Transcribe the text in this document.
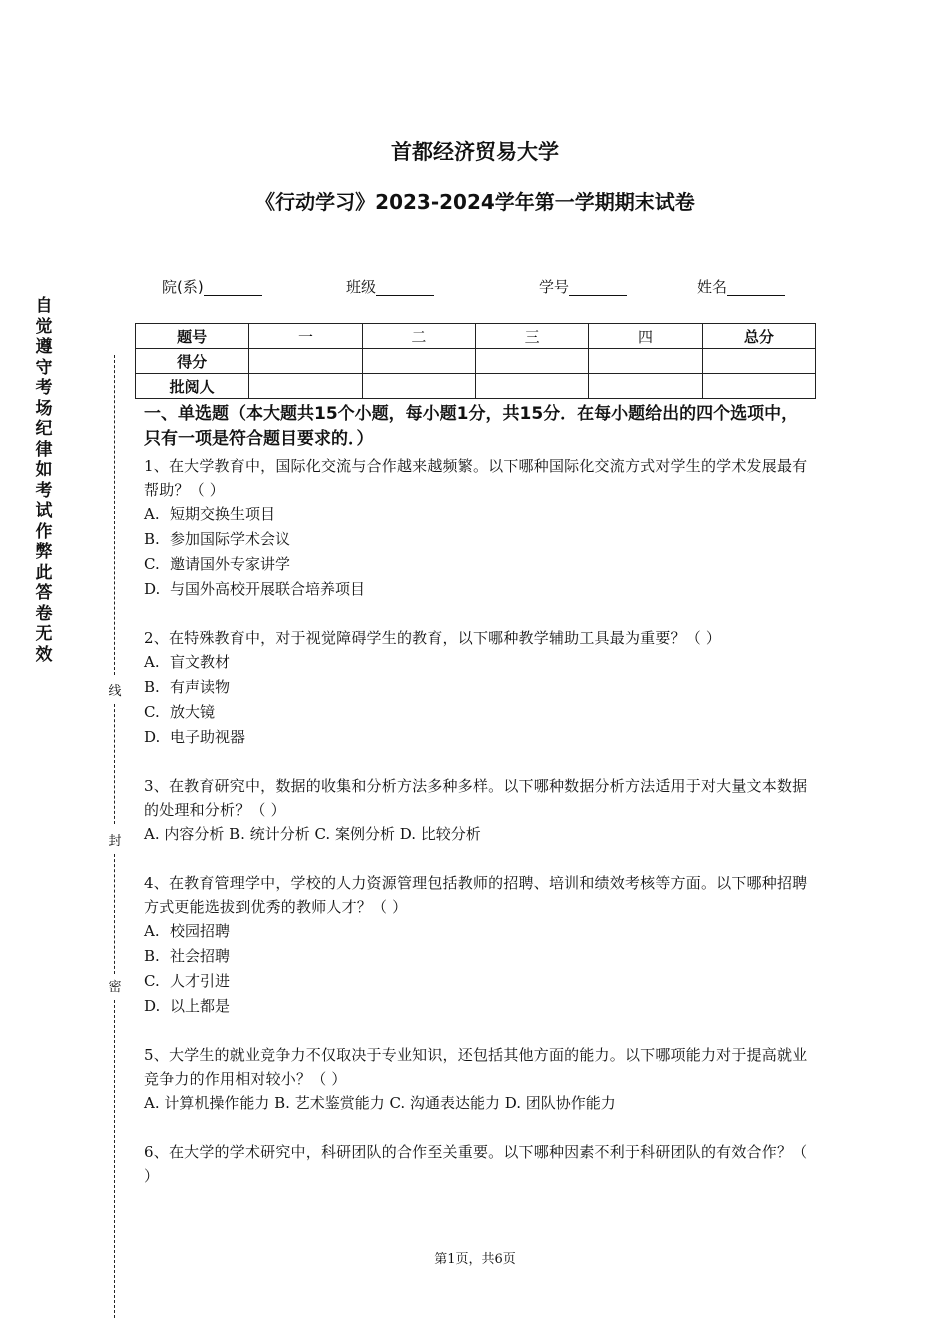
自
觉
遵
守
考
场
纪
律
如
考
试
作
弊
此
答
卷
无
效
线
封
密
首都经济贸易大学
《行动学习》2023-2024学年第一学期期末试卷
院(系)	班级	学号	姓名
题号	一	二	三	四	总分
得分					
批阅人					
一、单选题（本大题共15个小题，每小题1分，共15分．在每小题给出的四个选项中，只有一项是符合题目要求的．）
1、在大学教育中，国际化交流与合作越来越频繁。以下哪种国际化交流方式对学生的学术发展最有帮助？（ ）
A. 短期交换生项目
B. 参加国际学术会议
C. 邀请国外专家讲学
D. 与国外高校开展联合培养项目
2、在特殊教育中，对于视觉障碍学生的教育，以下哪种教学辅助工具最为重要？（ ）
A. 盲文教材
B. 有声读物
C. 放大镜
D. 电子助视器
3、在教育研究中，数据的收集和分析方法多种多样。以下哪种数据分析方法适用于对大量文本数据的处理和分析？（ ）
A. 内容分析 B. 统计分析 C. 案例分析 D. 比较分析
4、在教育管理学中，学校的人力资源管理包括教师的招聘、培训和绩效考核等方面。以下哪种招聘方式更能选拔到优秀的教师人才？（ ）
A. 校园招聘
B. 社会招聘
C. 人才引进
D. 以上都是
5、大学生的就业竞争力不仅取决于专业知识，还包括其他方面的能力。以下哪项能力对于提高就业竞争力的作用相对较小？（ ）
A. 计算机操作能力 B. 艺术鉴赏能力 C. 沟通表达能力 D. 团队协作能力
6、在大学的学术研究中，科研团队的合作至关重要。以下哪种因素不利于科研团队的有效合作？（ ）
第1页，共6页
